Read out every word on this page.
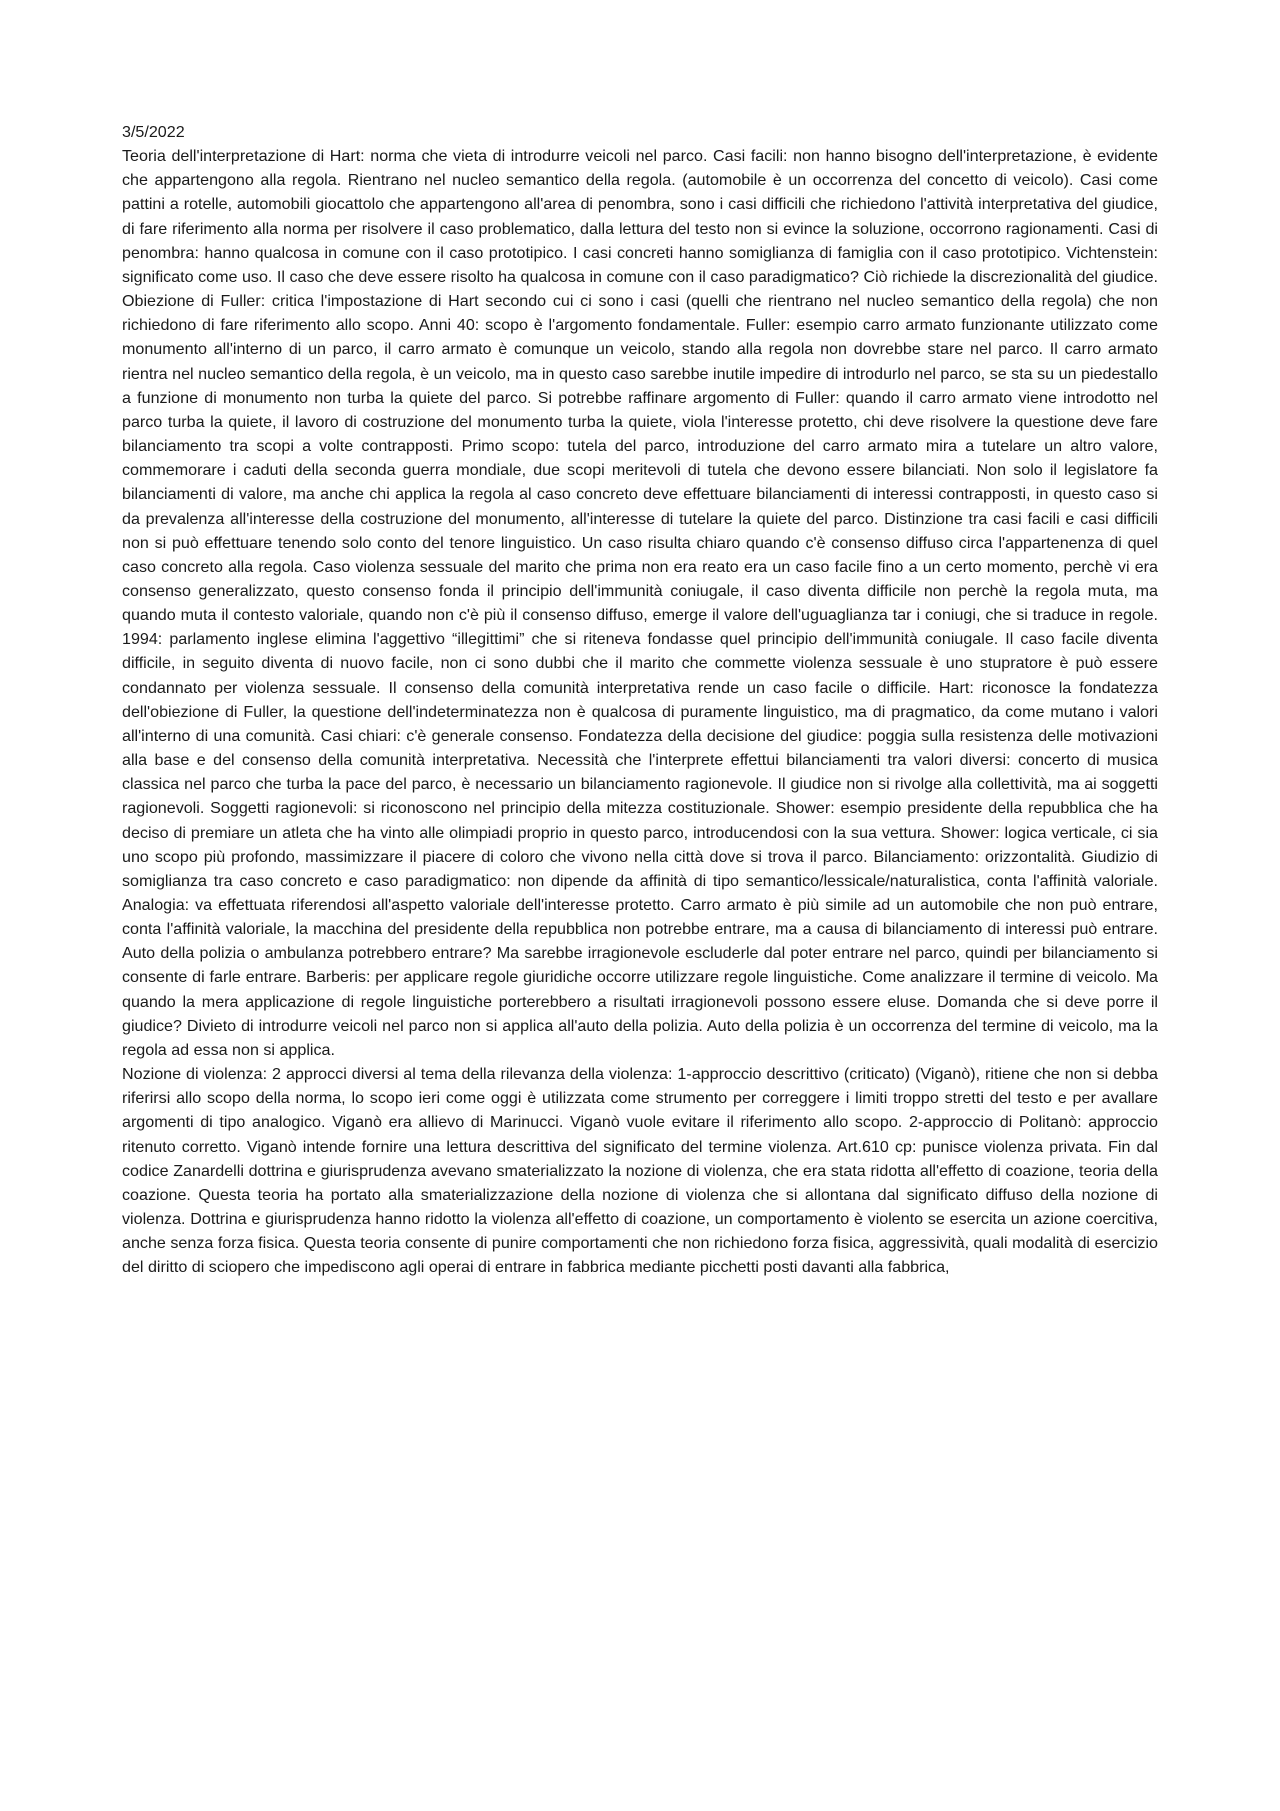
3/5/2022

Teoria dell'interpretazione di Hart: norma che vieta di introdurre veicoli nel parco. Casi facili: non hanno bisogno dell'interpretazione, è evidente che appartengono alla regola. Rientrano nel nucleo semantico della regola. (automobile è un occorrenza del concetto di veicolo). Casi come pattini a rotelle, automobili giocattolo che appartengono all'area di penombra, sono i casi difficili che richiedono l'attività interpretativa del giudice, di fare riferimento alla norma per risolvere il caso problematico, dalla lettura del testo non si evince la soluzione, occorrono ragionamenti. Casi di penombra: hanno qualcosa in comune con il caso prototipico. I casi concreti hanno somiglianza di famiglia con il caso prototipico. Vichtenstein: significato come uso. Il caso che deve essere risolto ha qualcosa in comune con il caso paradigmatico? Ciò richiede la discrezionalità del giudice. Obiezione di Fuller: critica l'impostazione di Hart secondo cui ci sono i casi (quelli che rientrano nel nucleo semantico della regola) che non richiedono di fare riferimento allo scopo. Anni 40: scopo è l'argomento fondamentale. Fuller: esempio carro armato funzionante utilizzato come monumento all'interno di un parco, il carro armato è comunque un veicolo, stando alla regola non dovrebbe stare nel parco. Il carro armato rientra nel nucleo semantico della regola, è un veicolo, ma in questo caso sarebbe inutile impedire di introdurlo nel parco, se sta su un piedestallo a funzione di monumento non turba la quiete del parco. Si potrebbe raffinare argomento di Fuller: quando il carro armato viene introdotto nel parco turba la quiete, il lavoro di costruzione del monumento turba la quiete, viola l'interesse protetto, chi deve risolvere la questione deve fare bilanciamento tra scopi a volte contrapposti. Primo scopo: tutela del parco, introduzione del carro armato mira a tutelare un altro valore, commemorare i caduti della seconda guerra mondiale, due scopi meritevoli di tutela che devono essere bilanciati. Non solo il legislatore fa bilanciamenti di valore, ma anche chi applica la regola al caso concreto deve effettuare bilanciamenti di interessi contrapposti, in questo caso si da prevalenza all'interesse della costruzione del monumento, all'interesse di tutelare la quiete del parco. Distinzione tra casi facili e casi difficili non si può effettuare tenendo solo conto del tenore linguistico. Un caso risulta chiaro quando c'è consenso diffuso circa l'appartenenza di quel caso concreto alla regola. Caso violenza sessuale del marito che prima non era reato era un caso facile fino a un certo momento, perchè vi era consenso generalizzato, questo consenso fonda il principio dell'immunità coniugale, il caso diventa difficile non perchè la regola muta, ma quando muta il contesto valoriale, quando non c'è più il consenso diffuso, emerge il valore dell'uguaglianza tar i coniugi, che si traduce in regole. 1994: parlamento inglese elimina l'aggettivo “illegittimi” che si riteneva fondasse quel principio dell'immunità coniugale. Il caso facile diventa difficile, in seguito diventa di nuovo facile, non ci sono dubbi che il marito che commette violenza sessuale è uno stupratore è può essere condannato per violenza sessuale. Il consenso della comunità interpretativa rende un caso facile o difficile. Hart: riconosce la fondatezza dell'obiezione di Fuller, la questione dell'indeterminatezza non è qualcosa di puramente linguistico, ma di pragmatico, da come mutano i valori all'interno di una comunità. Casi chiari: c'è generale consenso. Fondatezza della decisione del giudice: poggia sulla resistenza delle motivazioni alla base e del consenso della comunità interpretativa. Necessità che l'interprete effettui bilanciamenti tra valori diversi: concerto di musica classica nel parco che turba la pace del parco, è necessario un bilanciamento ragionevole. Il giudice non si rivolge alla collettività, ma ai soggetti ragionevoli. Soggetti ragionevoli: si riconoscono nel principio della mitezza costituzionale. Shower: esempio presidente della repubblica che ha deciso di premiare un atleta che ha vinto alle olimpiadi proprio in questo parco, introducendosi con la sua vettura. Shower: logica verticale, ci sia uno scopo più profondo, massimizzare il piacere di coloro che vivono nella città dove si trova il parco. Bilanciamento: orizzontalità. Giudizio di somiglianza tra caso concreto e caso paradigmatico: non dipende da affinità di tipo semantico/lessicale/naturalistica, conta l'affinità valoriale. Analogia: va effettuata riferendosi all'aspetto valoriale dell'interesse protetto. Carro armato è più simile ad un automobile che non può entrare, conta l'affinità valoriale, la macchina del presidente della repubblica non potrebbe entrare, ma a causa di bilanciamento di interessi può entrare. Auto della polizia o ambulanza potrebbero entrare? Ma sarebbe irragionevole escluderle dal poter entrare nel parco, quindi per bilanciamento si consente di farle entrare. Barberis: per applicare regole giuridiche occorre utilizzare regole linguistiche. Come analizzare il termine di veicolo. Ma quando la mera applicazione di regole linguistiche porterebbero a risultati irragionevoli possono essere eluse. Domanda che si deve porre il giudice? Divieto di introdurre veicoli nel parco non si applica all'auto della polizia. Auto della polizia è un occorrenza del termine di veicolo, ma la regola ad essa non si applica.

Nozione di violenza: 2 approcci diversi al tema della rilevanza della violenza: 1-approccio descrittivo (criticato) (Viganò), ritiene che non si debba riferirsi allo scopo della norma, lo scopo ieri come oggi è utilizzata come strumento per correggere i limiti troppo stretti del testo e per avallare argomenti di tipo analogico. Viganò era allievo di Marinucci. Viganò vuole evitare il riferimento allo scopo. 2-approccio di Politanò: approccio ritenuto corretto. Viganò intende fornire una lettura descrittiva del significato del termine violenza. Art.610 cp: punisce violenza privata. Fin dal codice Zanardelli dottrina e giurisprudenza avevano smaterializzato la nozione di violenza, che era stata ridotta all'effetto di coazione, teoria della coazione. Questa teoria ha portato alla smaterializzazione della nozione di violenza che si allontana dal significato diffuso della nozione di violenza. Dottrina e giurisprudenza hanno ridotto la violenza all'effetto di coazione, un comportamento è violento se esercita un azione coercitiva, anche senza forza fisica. Questa teoria consente di punire comportamenti che non richiedono forza fisica, aggressività, quali modalità di esercizio del diritto di sciopero che impediscono agli operai di entrare in fabbrica mediante picchetti posti davanti alla fabbrica,
